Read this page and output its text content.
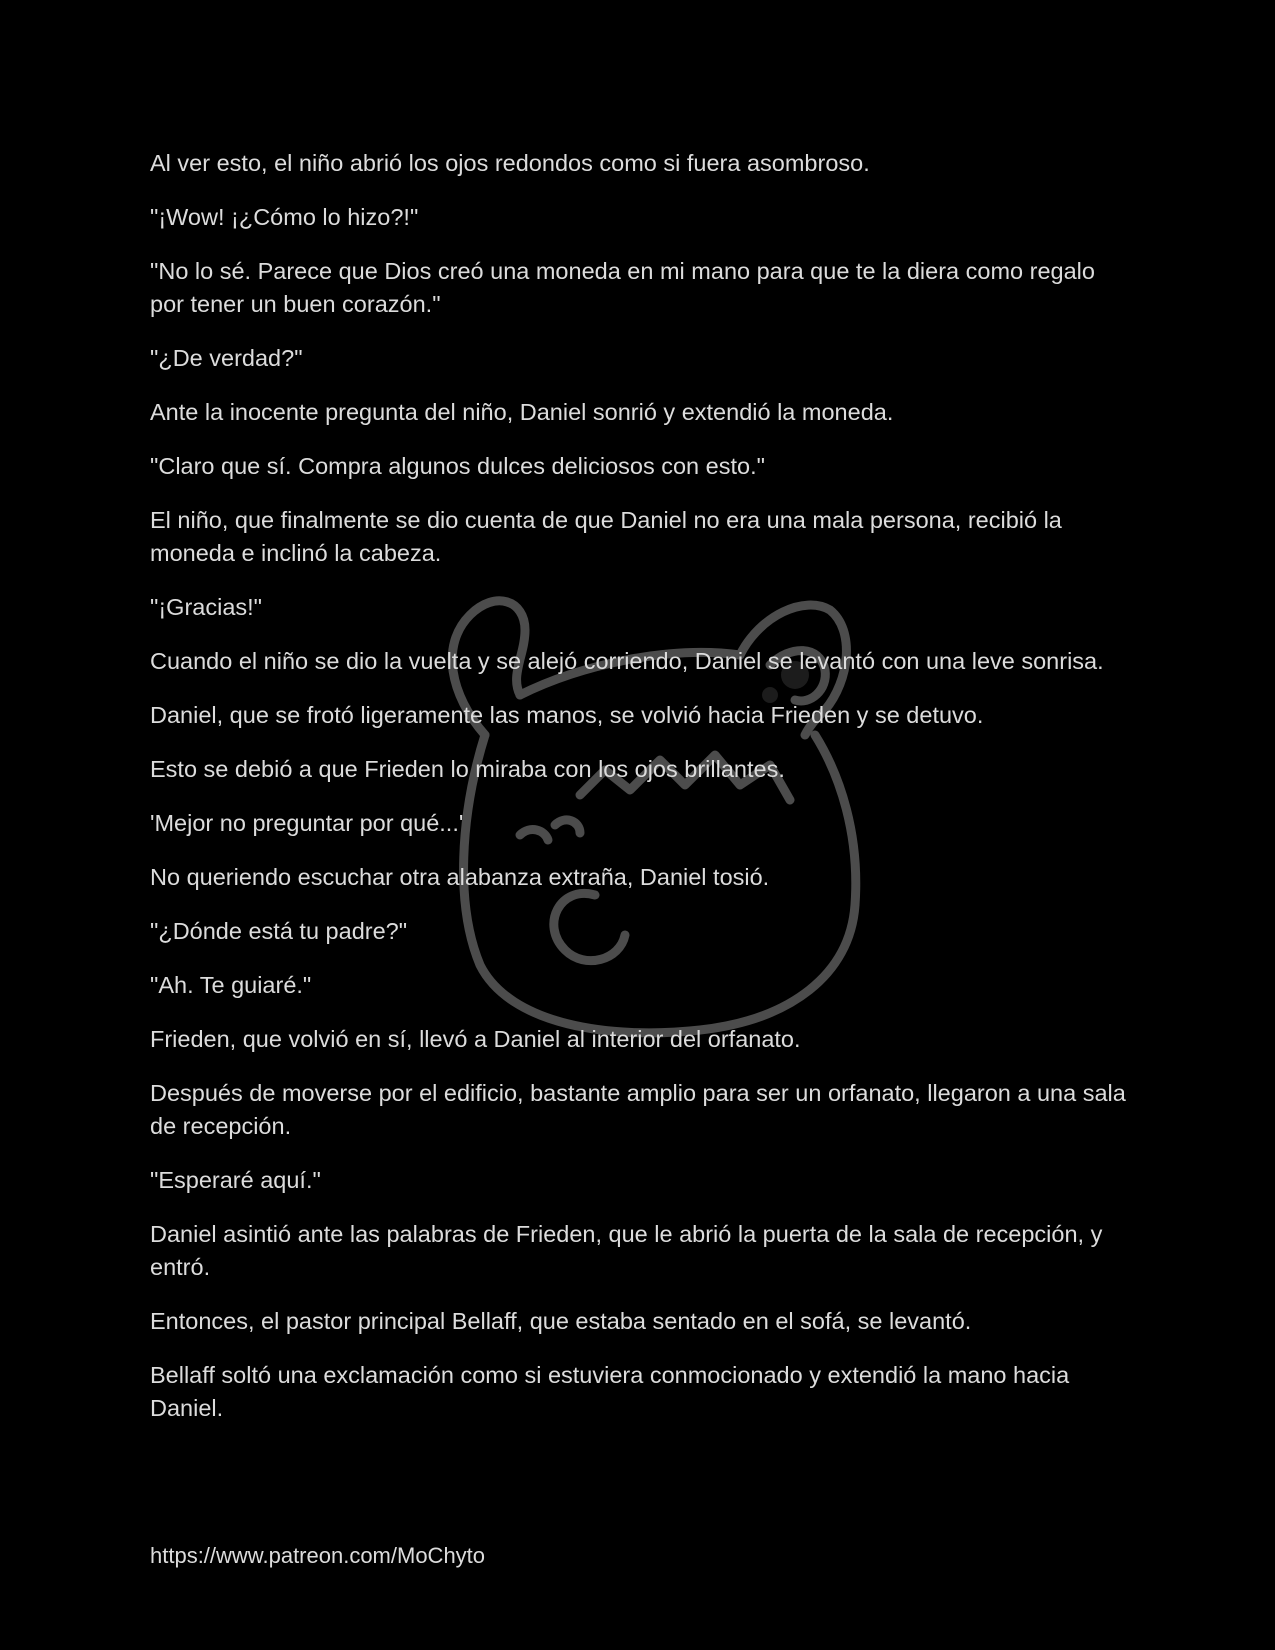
Al ver esto, el niño abrió los ojos redondos como si fuera asombroso.

"¡Wow! ¡¿Cómo lo hizo?!"

"No lo sé. Parece que Dios creó una moneda en mi mano para que te la diera como regalo por tener un buen corazón."

"¿De verdad?"

Ante la inocente pregunta del niño, Daniel sonrió y extendió la moneda.

"Claro que sí. Compra algunos dulces deliciosos con esto."

El niño, que finalmente se dio cuenta de que Daniel no era una mala persona, recibió la moneda e inclinó la cabeza.

"¡Gracias!"

Cuando el niño se dio la vuelta y se alejó corriendo, Daniel se levantó con una leve sonrisa.

Daniel, que se frotó ligeramente las manos, se volvió hacia Frieden y se detuvo.

Esto se debió a que Frieden lo miraba con los ojos brillantes.

'Mejor no preguntar por qué...'

No queriendo escuchar otra alabanza extraña, Daniel tosió.

"¿Dónde está tu padre?"

"Ah. Te guiaré."

Frieden, que volvió en sí, llevó a Daniel al interior del orfanato.

Después de moverse por el edificio, bastante amplio para ser un orfanato, llegaron a una sala de recepción.

"Esperaré aquí."

Daniel asintió ante las palabras de Frieden, que le abrió la puerta de la sala de recepción, y entró.

Entonces, el pastor principal Bellaff, que estaba sentado en el sofá, se levantó.

Bellaff soltó una exclamación como si estuviera conmocionado y extendió la mano hacia Daniel.

https://www.patreon.com/MoChyto
